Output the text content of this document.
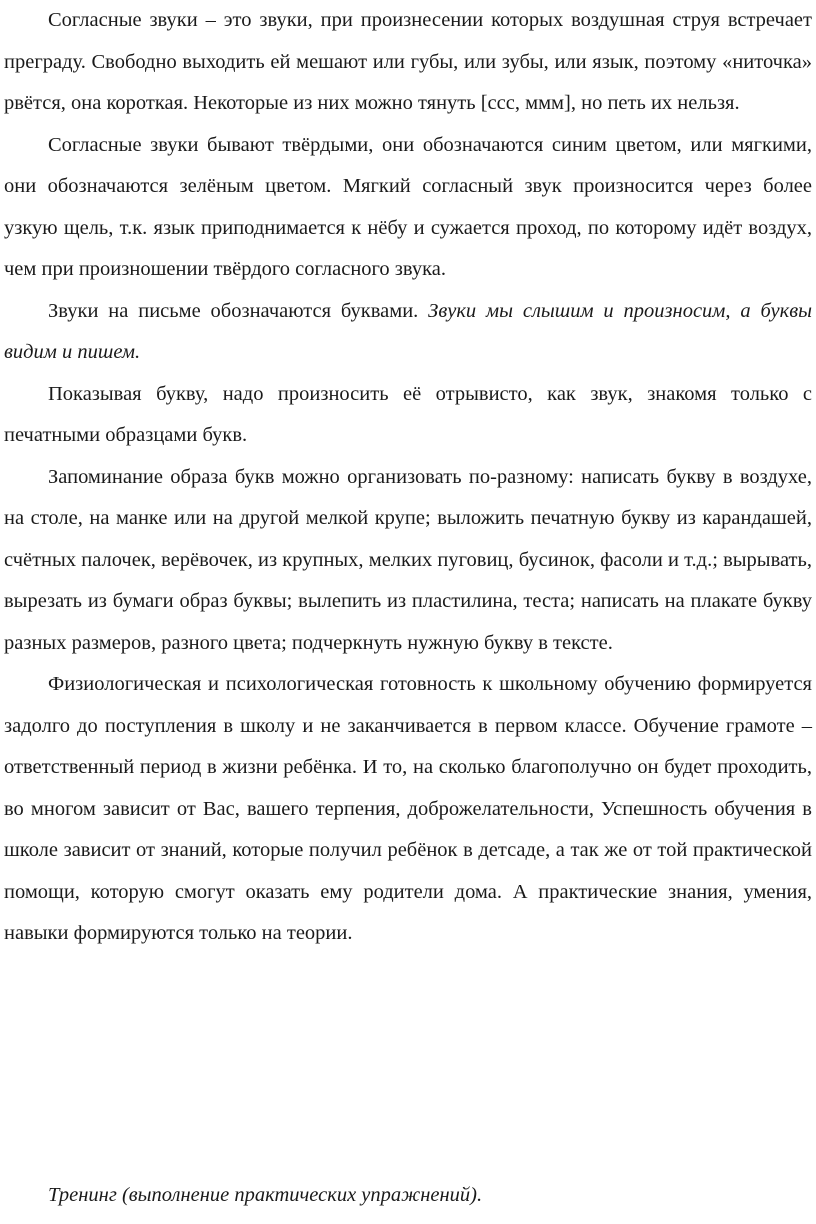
Согласные звуки – это звуки, при произнесении которых воздушная струя встречает преграду. Свободно выходить ей мешают или губы, или зубы, или язык, поэтому «ниточка» рвётся, она короткая. Некоторые из них можно тянуть [ссс, ммм], но петь их нельзя.

Согласные звуки бывают твёрдыми, они обозначаются синим цветом, или мягкими, они обозначаются зелёным цветом. Мягкий согласный звук произносится через более узкую щель, т.к. язык приподнимается к нёбу и сужается проход, по которому идёт воздух, чем при произношении твёрдого согласного звука.

Звуки на письме обозначаются буквами. Звуки мы слышим и произносим, а буквы видим и пишем.

Показывая букву, надо произносить её отрывисто, как звук, знакомя только с печатными образцами букв.

Запоминание образа букв можно организовать по-разному: написать букву в воздухе, на столе, на манке или на другой мелкой крупе; выложить печатную букву из карандашей, счётных палочек, верёвочек, из крупных, мелких пуговиц, бусинок, фасоли и т.д.; вырывать, вырезать из бумаги образ буквы; вылепить из пластилина, теста; написать на плакате букву разных размеров, разного цвета; подчеркнуть нужную букву в тексте.

Физиологическая и психологическая готовность к школьному обучению формируется задолго до поступления в школу и не заканчивается в первом классе. Обучение грамоте – ответственный период в жизни ребёнка. И то, на сколько благополучно он будет проходить, во многом зависит от Вас, вашего терпения, доброжелательности, Успешность обучения в школе зависит от знаний, которые получил ребёнок в детсаде, а так же от той практической помощи, которую смогут оказать ему родители дома. А практические знания, умения, навыки формируются только на теории.

Тренинг (выполнение практических упражнений).
